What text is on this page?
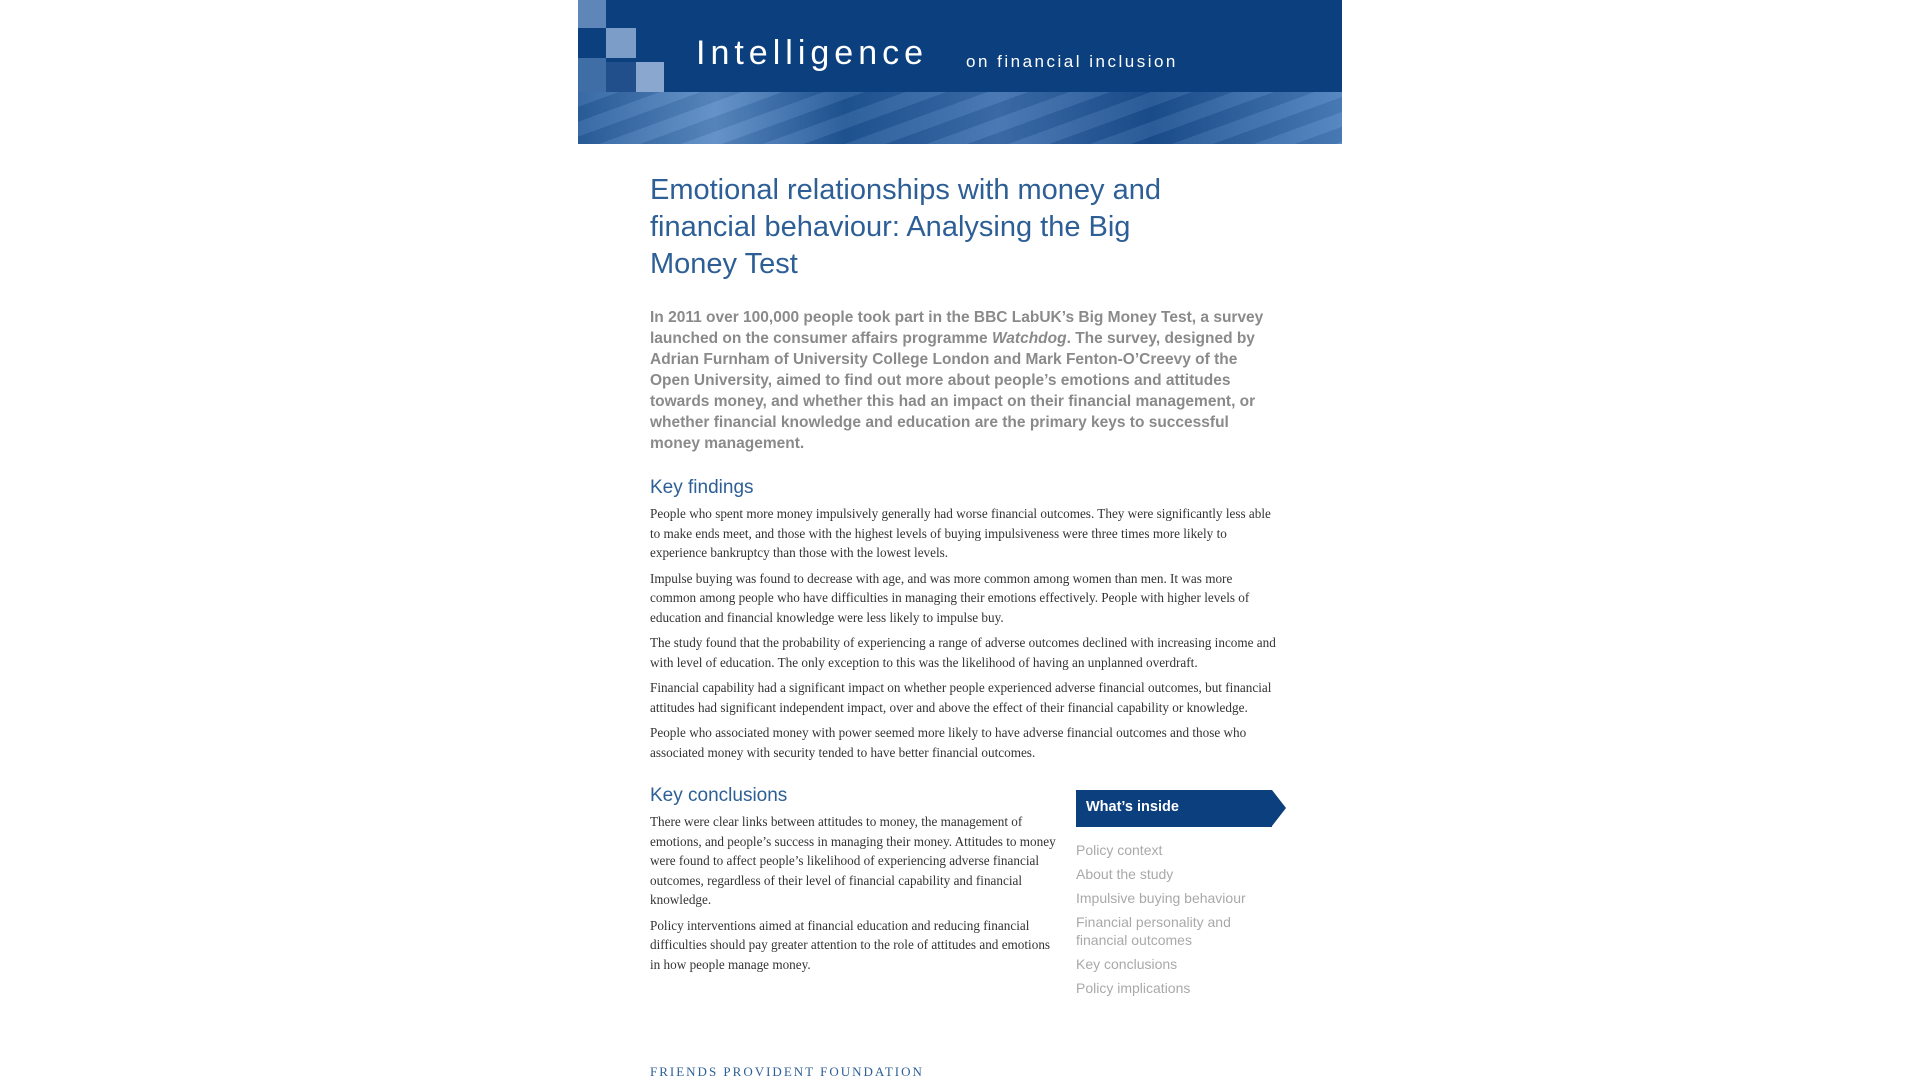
Intelligence on financial inclusion
Emotional relationships with money and financial behaviour: Analysing the Big Money Test

In 2011 over 100,000 people took part in the BBC LabUK’s Big Money Test, a survey launched on the consumer affairs programme Watchdog. The survey, designed by Adrian Furnham of University College London and Mark Fenton-O’Creevy of the Open University, aimed to find out more about people’s emotions and attitudes towards money, and whether this had an impact on their financial management, or whether financial knowledge and education are the primary keys to successful money management.

Key findings

People who spent more money impulsively generally had worse financial outcomes. They were significantly less able to make ends meet, and those with the highest levels of buying impulsiveness were three times more likely to experience bankruptcy than those with the lowest levels.

Impulse buying was found to decrease with age, and was more common among women than men. It was more common among people who have difficulties in managing their emotions effectively. People with higher levels of education and financial knowledge were less likely to impulse buy.

The study found that the probability of experiencing a range of adverse outcomes declined with increasing income and with level of education. The only exception to this was the likelihood of having an unplanned overdraft.

Financial capability had a significant impact on whether people experienced adverse financial outcomes, but financial attitudes had significant independent impact, over and above the effect of their financial capability or knowledge.

People who associated money with power seemed more likely to have adverse financial outcomes and those who associated money with security tended to have better financial outcomes.

Key conclusions

There were clear links between attitudes to money, the management of emotions, and people’s success in managing their money. Attitudes to money were found to affect people’s likelihood of experiencing adverse financial outcomes, regardless of their level of financial capability and financial knowledge.

Policy interventions aimed at financial education and reducing financial difficulties should pay greater attention to the role of attitudes and emotions in how people manage money.

What’s inside
Policy context
About the study
Impulsive buying behaviour
Financial personality and financial outcomes
Key conclusions
Policy implications
FRIENDS PROVIDENT FOUNDATION
